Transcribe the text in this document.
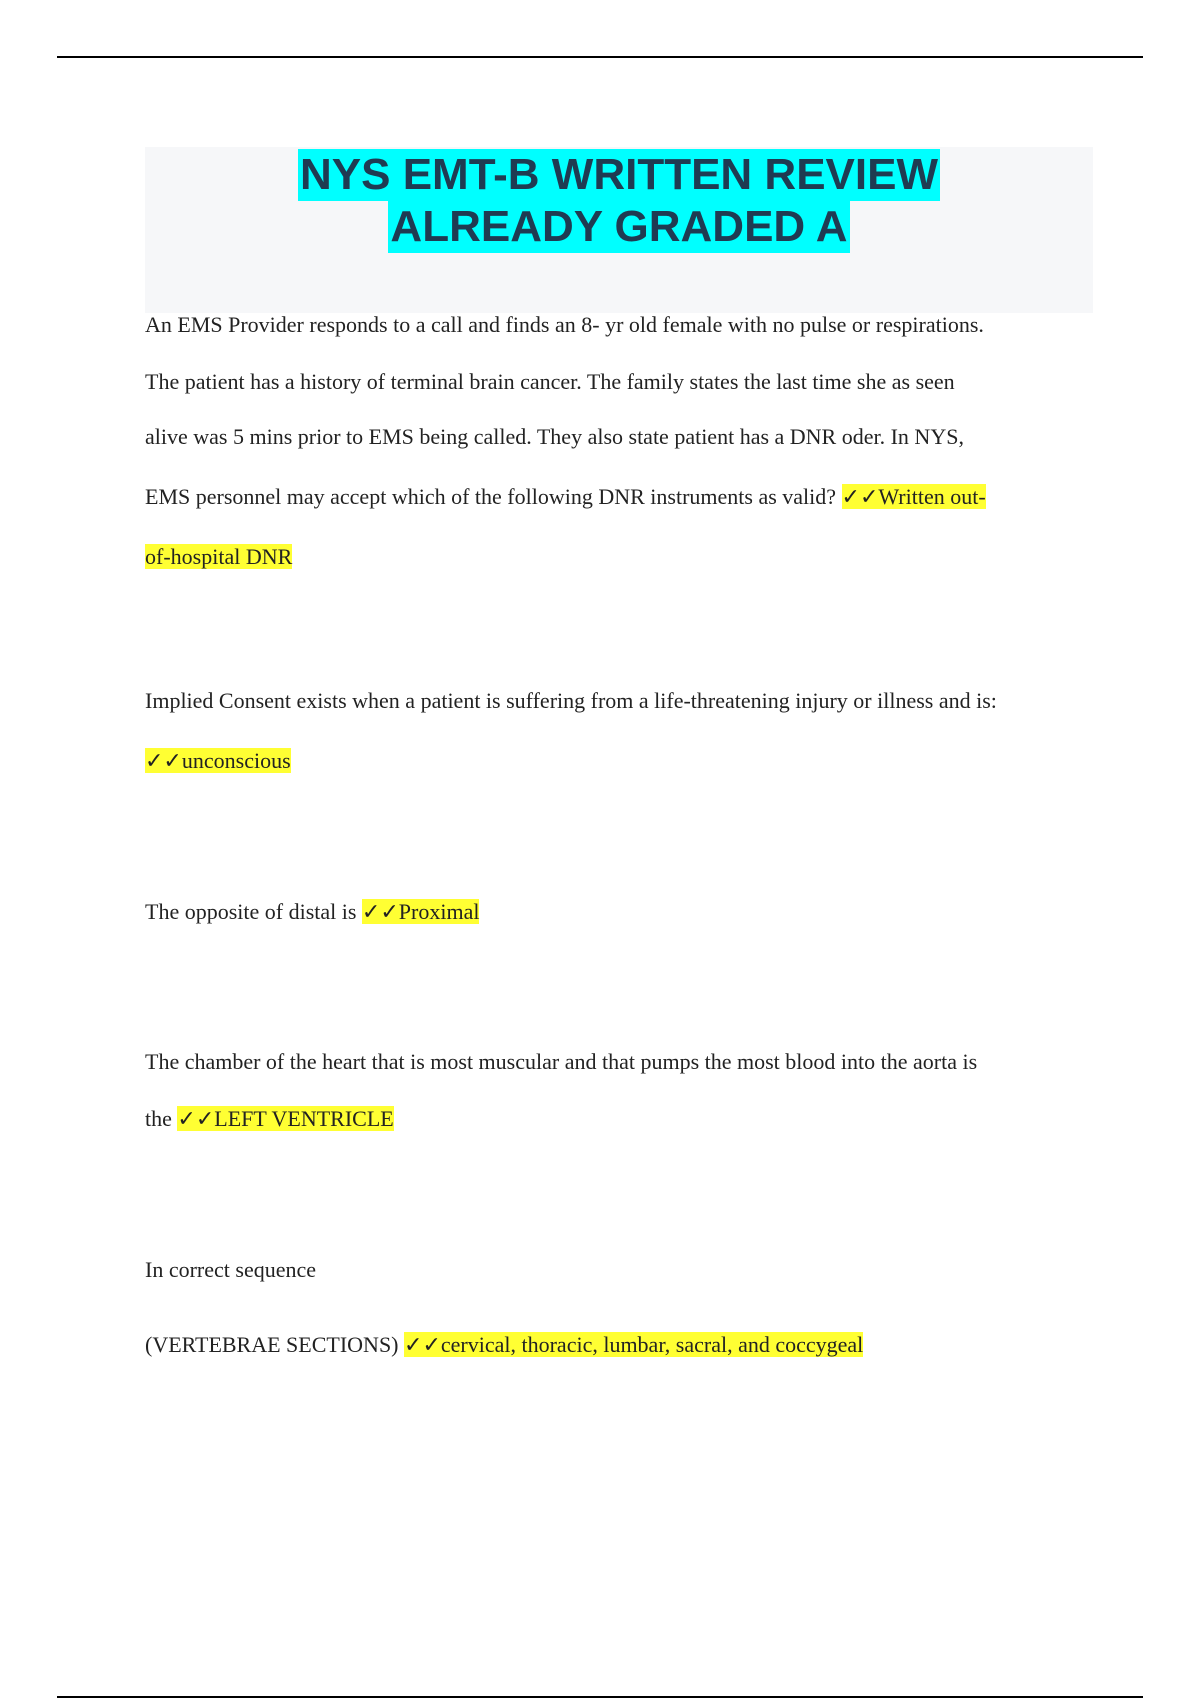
NYS EMT-B WRITTEN REVIEW
ALREADY GRADED A
An EMS Provider responds to a call and finds an 8- yr old female with no pulse or respirations.
The patient has a history of terminal brain cancer. The family states the last time she as seen
alive was 5 mins prior to EMS being called. They also state patient has a DNR oder. In NYS,
EMS personnel may accept which of the following DNR instruments as valid? ✓✓Written out-
of-hospital DNR
Implied Consent exists when a patient is suffering from a life-threatening injury or illness and is:
✓✓unconscious
The opposite of distal is ✓✓Proximal
The chamber of the heart that is most muscular and that pumps the most blood into the aorta is
the ✓✓LEFT VENTRICLE
In correct sequence
(VERTEBRAE SECTIONS) ✓✓cervical, thoracic, lumbar, sacral, and coccygeal
